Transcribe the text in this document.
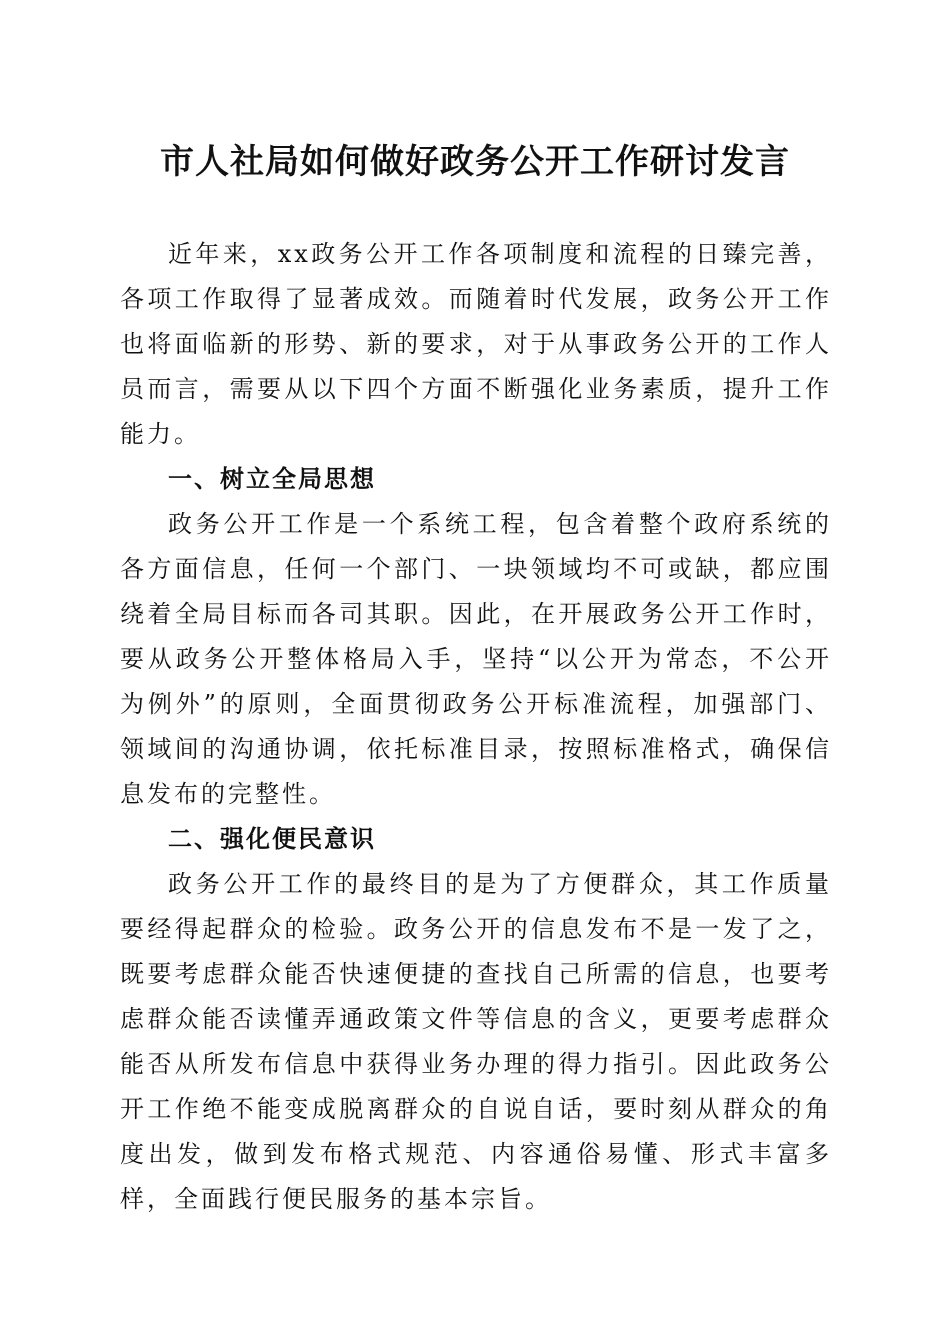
市人社局如何做好政务公开工作研讨发言

近年来，xx政务公开工作各项制度和流程的日臻完善，各项工作取得了显著成效。而随着时代发展，政务公开工作也将面临新的形势、新的要求，对于从事政务公开的工作人员而言，需要从以下四个方面不断强化业务素质，提升工作能力。

一、树立全局思想

政务公开工作是一个系统工程，包含着整个政府系统的各方面信息，任何一个部门、一块领域均不可或缺，都应围绕着全局目标而各司其职。因此，在开展政务公开工作时，要从政务公开整体格局入手，坚持“以公开为常态，不公开为例外”的原则，全面贯彻政务公开标准流程，加强部门、领域间的沟通协调，依托标准目录，按照标准格式，确保信息发布的完整性。

二、强化便民意识

政务公开工作的最终目的是为了方便群众，其工作质量要经得起群众的检验。政务公开的信息发布不是一发了之，既要考虑群众能否快速便捷的查找自己所需的信息，也要考虑群众能否读懂弄通政策文件等信息的含义，更要考虑群众能否从所发布信息中获得业务办理的得力指引。因此政务公开工作绝不能变成脱离群众的自说自话，要时刻从群众的角度出发，做到发布格式规范、内容通俗易懂、形式丰富多样，全面践行便民服务的基本宗旨。
